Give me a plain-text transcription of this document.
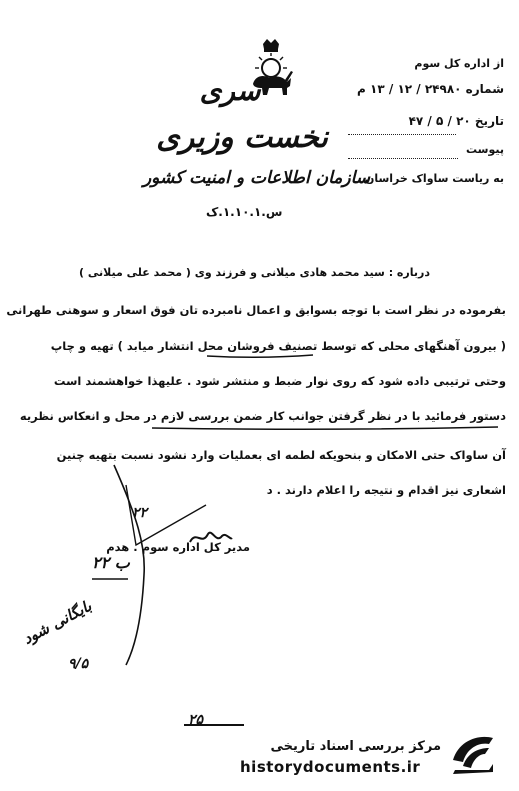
سری
نخست وزیری
سازمان اطلاعات و امنیت کشور
س.۱.۱۰.۱.ک
از اداره کل سوم
شماره ۲۴۹۸۰ / ۱۲ / ۱۳ م
تاریخ ۲۰ / ۵ / ۴۷
پیوست
به ریاست ساواک خراسان
درباره : سید محمد هادی میلانی و فرزند وی ( محمد علی میلانی )
بفرموده در نظر است با توجه بسوابق و اعمال نامبرده تان فوق اسعار و سوهنی طهرانی
( بیرون آهنگهای محلی که توسط تصنیف فروشان محل انتشار میابد ) تهیه و چاپ
وحتی ترتیبی داده شود که روی نوار ضبط و منتشر شود . علیهذا خواهشمند است
دستور فرمائید با در نظر گرفتن جوانب کار ضمن بررسی لازم در محل و انعکاس نظریه
آن ساواک حتی الامکان و بنحویکه لطمه ای بعملیات وارد نشود نسبت بتهیه چنین
اشعاری نیز اقدام و نتیجه را اعلام دارند . د
مدیر کل اداره سوم . هدم
۲۲
ب ۲۲
بایگانی شود
۹/۵
۲۵
مرکز بررسی اسناد تاریخی
historydocuments.ir
